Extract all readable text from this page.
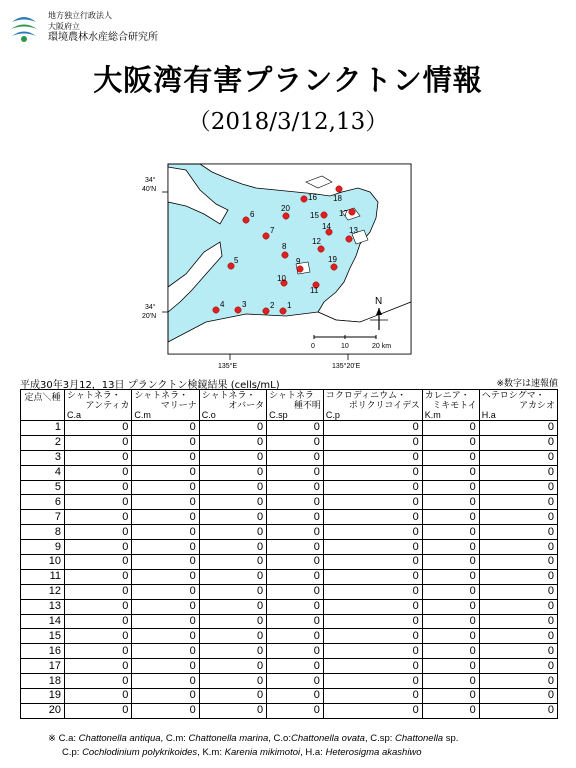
地方独立行政法人
大阪府立
環境農林水産総合研究所
大阪湾有害プランクトン情報
（2018/3/12,13）
34°
40'N
34°
20'N
135°E	135°20'E
0	10	20 km
N
1
2
3
4
5
6
7
8
9
10
11
12
13
14
15
16
17
18
19
20
平成30年3月12，13日 プランクトン検鏡結果 (cells/mL)	※数字は速報値
定点＼種	シャトネラ・
アンティカ
C.a	シャトネラ・
マリーナ
C.m	シャトネラ・
オバータ
C.o	シャトネラ
種不明
C.sp	コクロディニウム・
ポリクリコイデス
C.p	カレニア・
ミキモトイ
K.m	ヘテロシグマ・
アカシオ
H.a

1	0	0	0	0	0	0	0
2	0	0	0	0	0	0	0
3	0	0	0	0	0	0	0
4	0	0	0	0	0	0	0
5	0	0	0	0	0	0	0
6	0	0	0	0	0	0	0
7	0	0	0	0	0	0	0
8	0	0	0	0	0	0	0
9	0	0	0	0	0	0	0
10	0	0	0	0	0	0	0
11	0	0	0	0	0	0	0
12	0	0	0	0	0	0	0
13	0	0	0	0	0	0	0
14	0	0	0	0	0	0	0
15	0	0	0	0	0	0	0
16	0	0	0	0	0	0	0
17	0	0	0	0	0	0	0
18	0	0	0	0	0	0	0
19	0	0	0	0	0	0	0
20	0	0	0	0	0	0	0
※ C.a: Chattonella antiqua, C.m: Chattonella marina, C.o:Chattonella ovata, C.sp: Chattonella sp.
C.p: Cochlodinium polykrikoides, K.m: Karenia mikimotoi, H.a: Heterosigma akashiwo
